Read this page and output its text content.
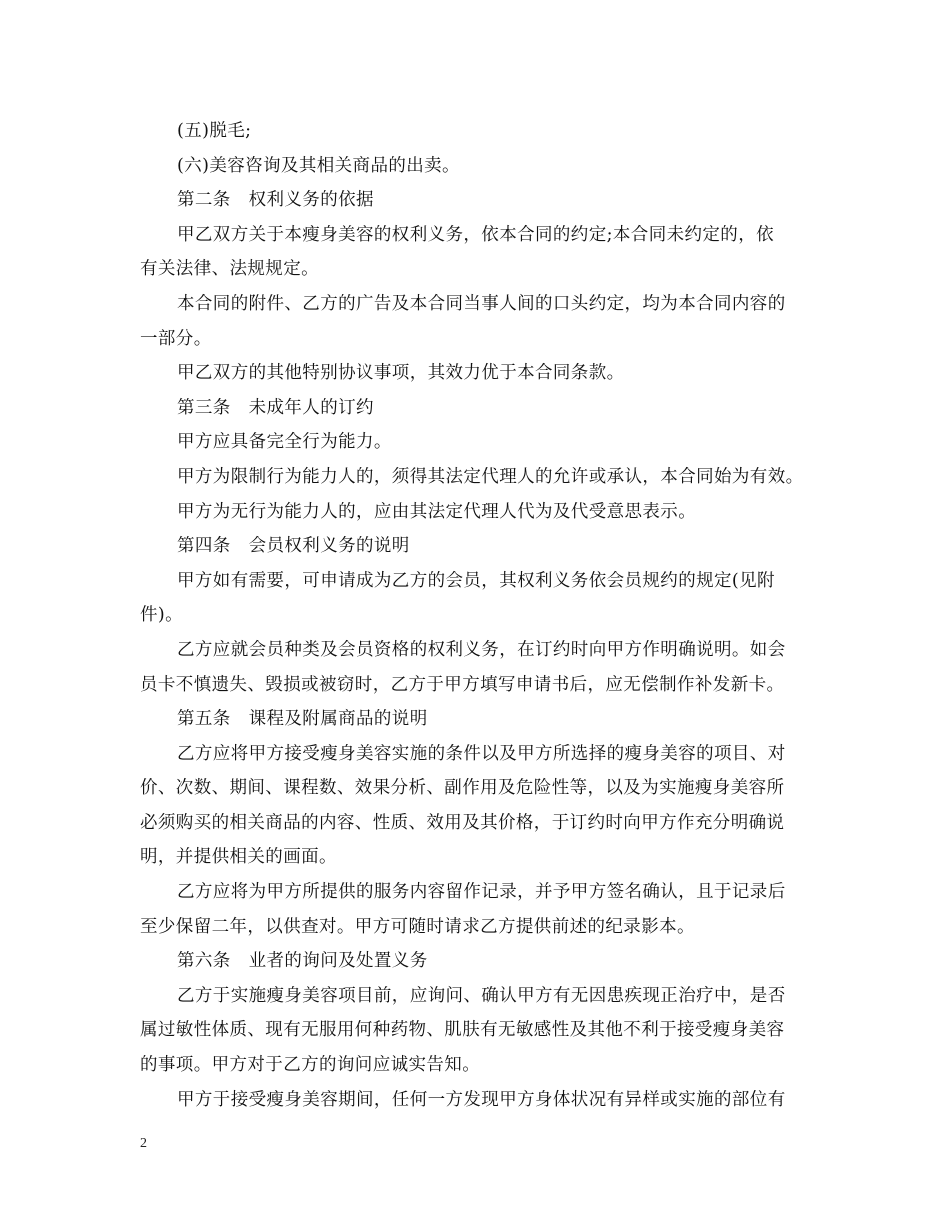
(五)脱毛;

(六)美容咨询及其相关商品的出卖。

第二条　权利义务的依据

甲乙双方关于本瘦身美容的权利义务，依本合同的约定;本合同未约定的，依
有关法律、法规规定。
本合同的附件、乙方的广告及本合同当事人间的口头约定，均为本合同内容的
一部分。
甲乙双方的其他特别协议事项，其效力优于本合同条款。

第三条　未成年人的订约

甲方应具备完全行为能力。
甲方为限制行为能力人的，须得其法定代理人的允许或承认，本合同始为有效。
甲方为无行为能力人的，应由其法定代理人代为及代受意思表示。

第四条　会员权利义务的说明

甲方如有需要，可申请成为乙方的会员，其权利义务依会员规约的规定(见附
件)。
乙方应就会员种类及会员资格的权利义务，在订约时向甲方作明确说明。如会
员卡不慎遗失、毁损或被窃时，乙方于甲方填写申请书后，应无偿制作补发新卡。

第五条　课程及附属商品的说明

乙方应将甲方接受瘦身美容实施的条件以及甲方所选择的瘦身美容的项目、对
价、次数、期间、课程数、效果分析、副作用及危险性等，以及为实施瘦身美容所
必须购买的相关商品的内容、性质、效用及其价格，于订约时向甲方作充分明确说
明，并提供相关的画面。
乙方应将为甲方所提供的服务内容留作记录，并予甲方签名确认，且于记录后
至少保留二年，以供查对。甲方可随时请求乙方提供前述的纪录影本。

第六条　业者的询问及处置义务

乙方于实施瘦身美容项目前，应询问、确认甲方有无因患疾现正治疗中，是否
属过敏性体质、现有无服用何种药物、肌肤有无敏感性及其他不利于接受瘦身美容
的事项。甲方对于乙方的询问应诚实告知。
甲方于接受瘦身美容期间，任何一方发现甲方身体状况有异样或实施的部位有
2
